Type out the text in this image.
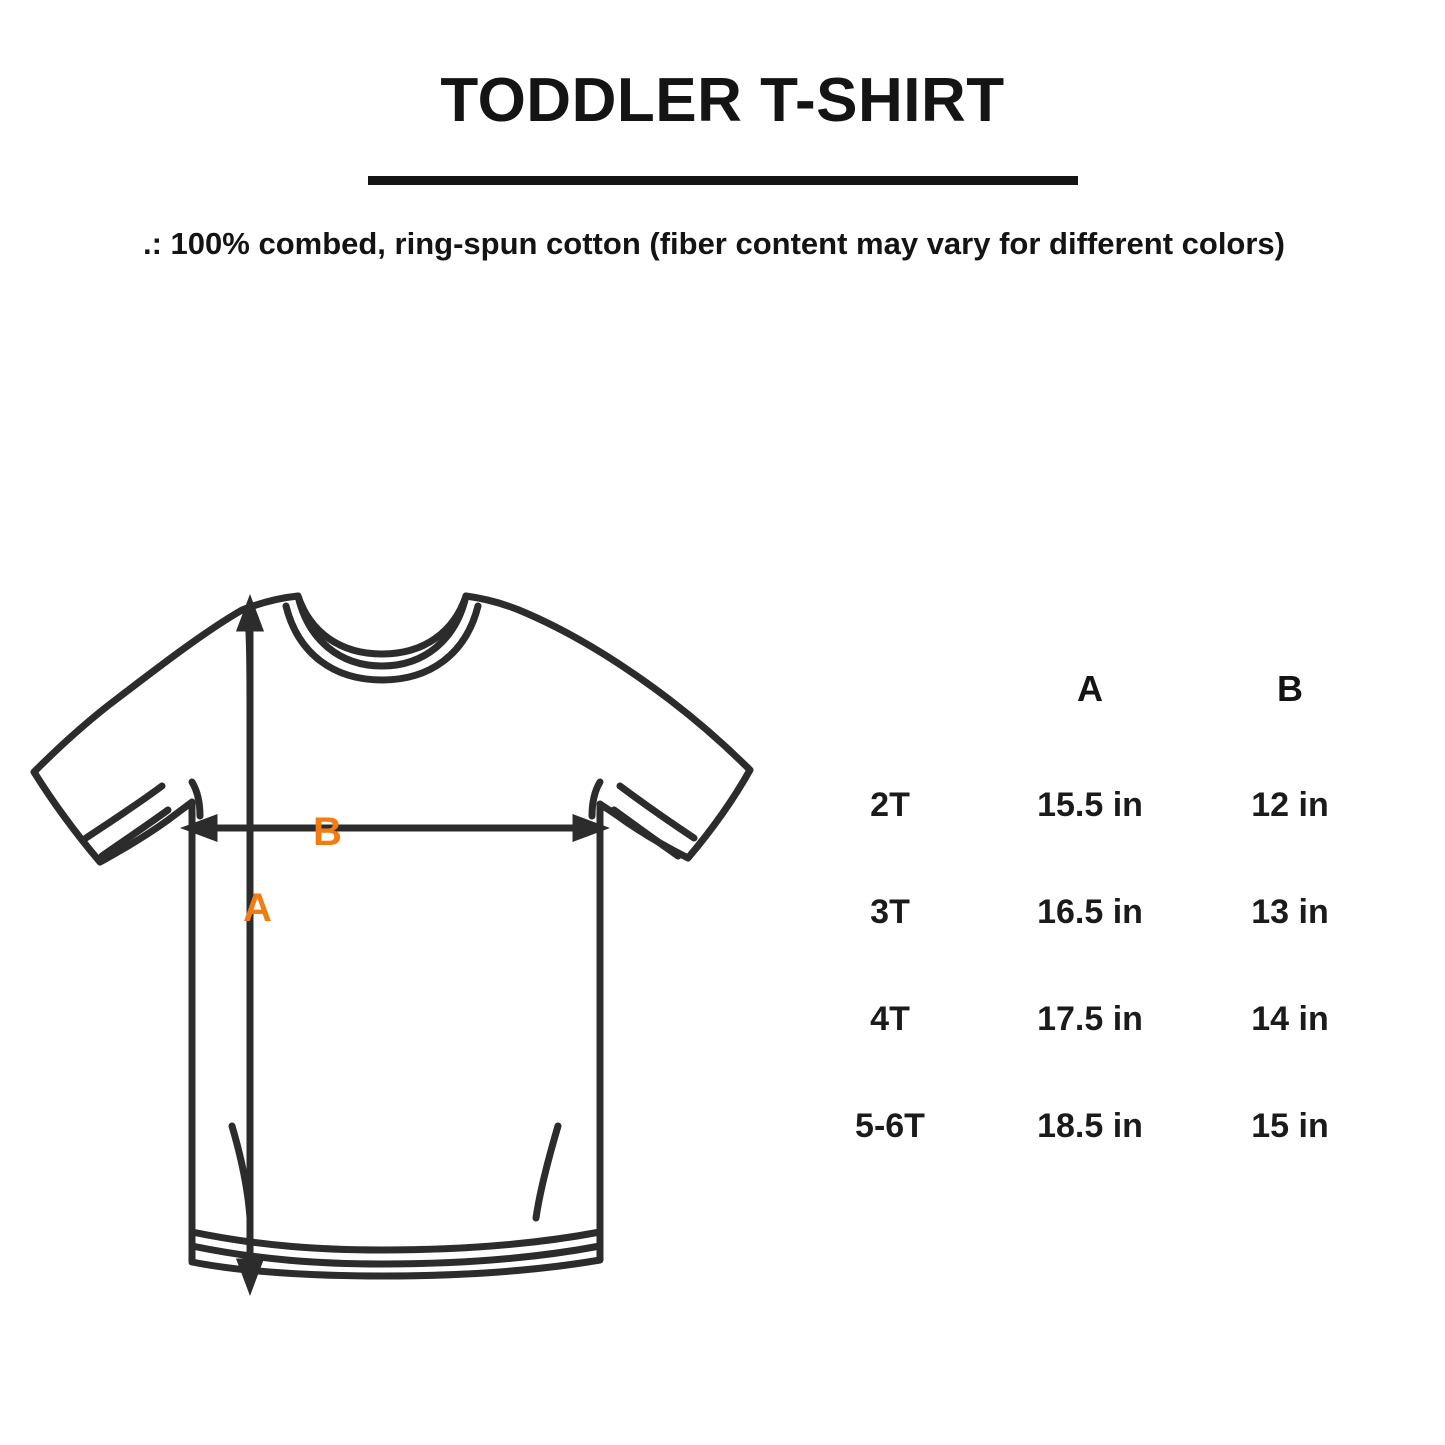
TODDLER T-SHIRT
.: 100% combed, ring-spun cotton (fiber content may vary for different colors)
B
A
	A	B
2T	15.5 in	12 in
3T	16.5 in	13 in
4T	17.5 in	14 in
5-6T	18.5 in	15 in
